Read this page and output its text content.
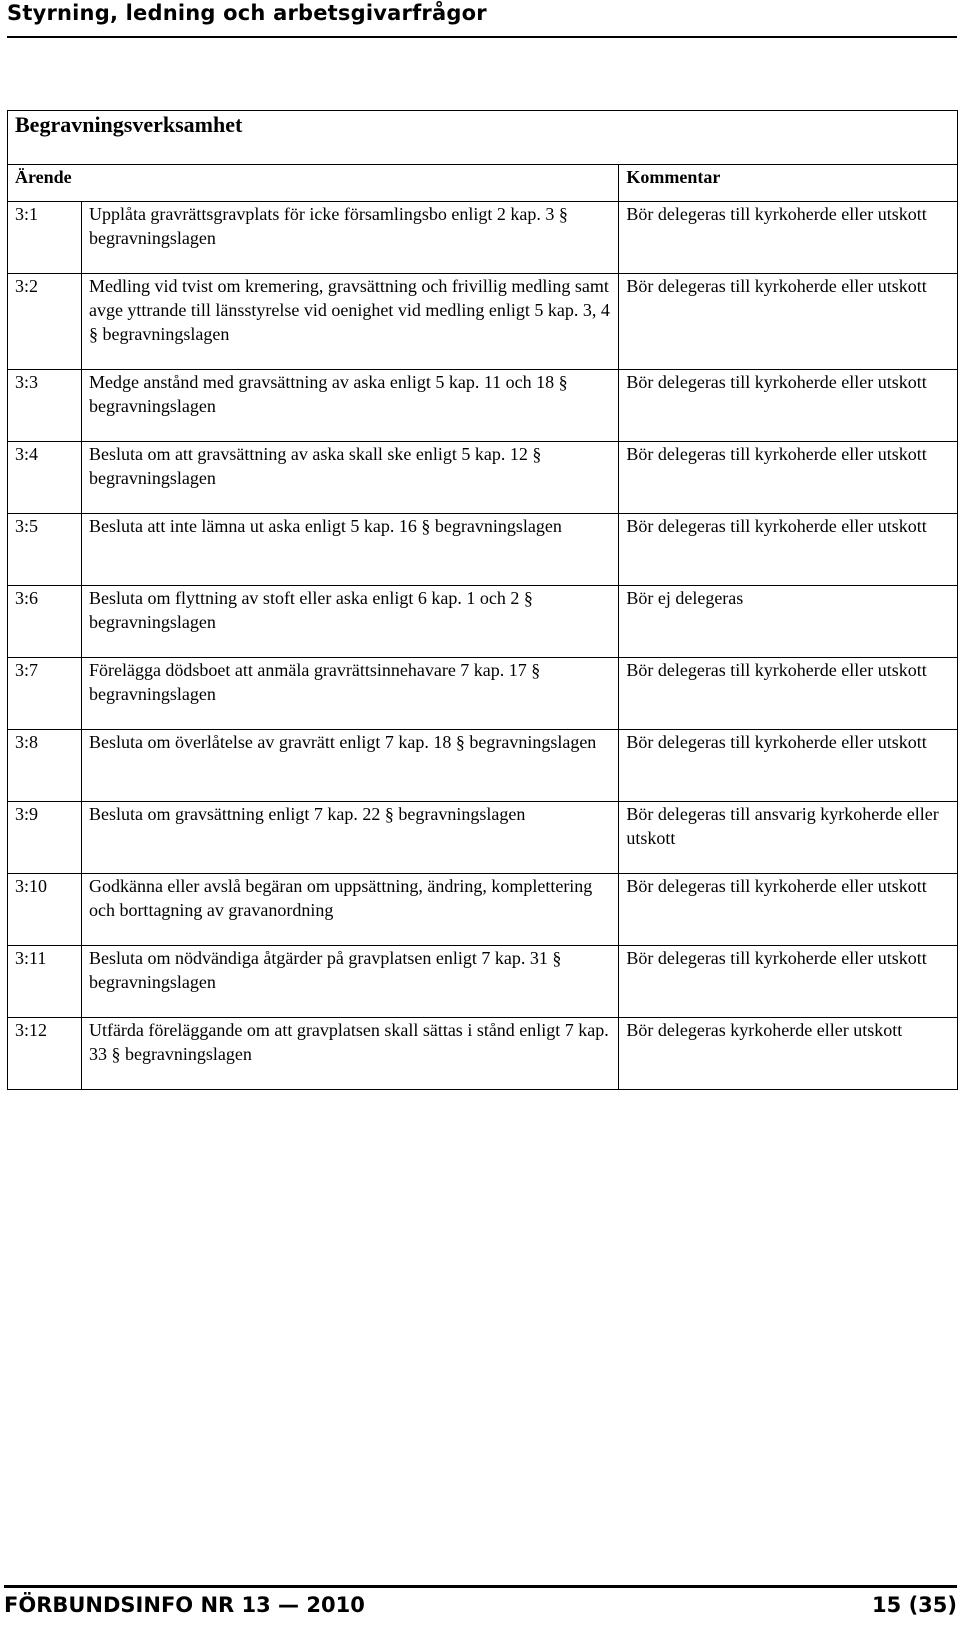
Styrning, ledning och arbetsgivarfrågor
Begravningsverksamhet		
Ärende		Kommentar
3:1	Upplåta gravrättsgravplats för icke församlingsbo enligt 2 kap. 3 § begravningslagen	Bör delegeras till kyrkoherde eller utskott
3:2	Medling vid tvist om kremering, gravsättning och frivillig medling samt avge yttrande till länsstyrelse vid oenighet vid medling enligt 5 kap. 3, 4 § begravningslagen	Bör delegeras till kyrkoherde eller utskott
3:3	Medge anstånd med gravsättning av aska enligt 5 kap. 11 och 18 § begravningslagen	Bör delegeras till kyrkoherde eller utskott
3:4	Besluta om att gravsättning av aska skall ske enligt 5 kap. 12 § begravningslagen	Bör delegeras till kyrkoherde eller utskott
3:5	Besluta att inte lämna ut aska enligt 5 kap. 16 § begravningslagen	Bör delegeras till kyrkoherde eller utskott
3:6	Besluta om flyttning av stoft eller aska enligt 6 kap. 1 och 2 § begravningslagen	Bör ej delegeras
3:7	Förelägga dödsboet att anmäla gravrättsinnehavare 7 kap. 17 § begravningslagen	Bör delegeras till kyrkoherde eller utskott
3:8	Besluta om överlåtelse av gravrätt enligt 7 kap. 18 § begravningslagen	Bör delegeras till kyrkoherde eller utskott
3:9	Besluta om gravsättning enligt 7 kap. 22 § begravningslagen	Bör delegeras till ansvarig kyrkoherde eller utskott
3:10	Godkänna eller avslå begäran om uppsättning, ändring, komplettering och borttagning av gravanordning	Bör delegeras till kyrkoherde eller utskott
3:11	Besluta om nödvändiga åtgärder på gravplatsen enligt 7 kap. 31 § begravningslagen	Bör delegeras till kyrkoherde eller utskott
3:12	Utfärda föreläggande om att gravplatsen skall sättas i stånd enligt 7 kap. 33 § begravningslagen	Bör delegeras kyrkoherde eller utskott
FÖRBUNDSINFO NR 13 — 2010	15 (35)
